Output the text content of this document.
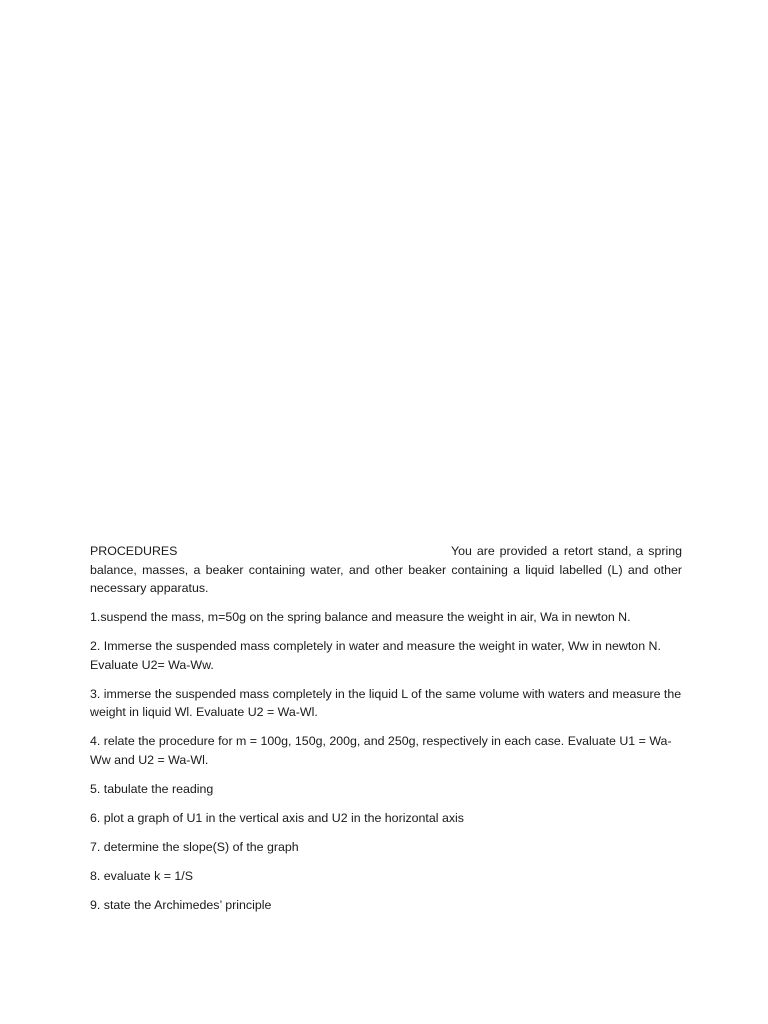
PROCEDURES	You are provided a retort stand, a spring balance, masses, a beaker containing water, and other beaker containing a liquid labelled (L) and other necessary apparatus.

1.suspend the mass, m=50g on the spring balance and measure the weight in air, Wa in newton N.

2. Immerse the suspended mass completely in water and measure the weight in water, Ww in newton N. Evaluate U2= Wa-Ww.

3. immerse the suspended mass completely in the liquid L of the same volume with waters and measure the weight in liquid Wl. Evaluate U2 = Wa-Wl.

4. relate the procedure for m = 100g, 150g, 200g, and 250g, respectively in each case. Evaluate U1 = Wa-Ww and U2 = Wa-Wl.

5. tabulate the reading

6. plot a graph of U1 in the vertical axis and U2 in the horizontal axis

7. determine the slope(S) of the graph

8. evaluate k = 1/S

9. state the Archimedes’ principle
